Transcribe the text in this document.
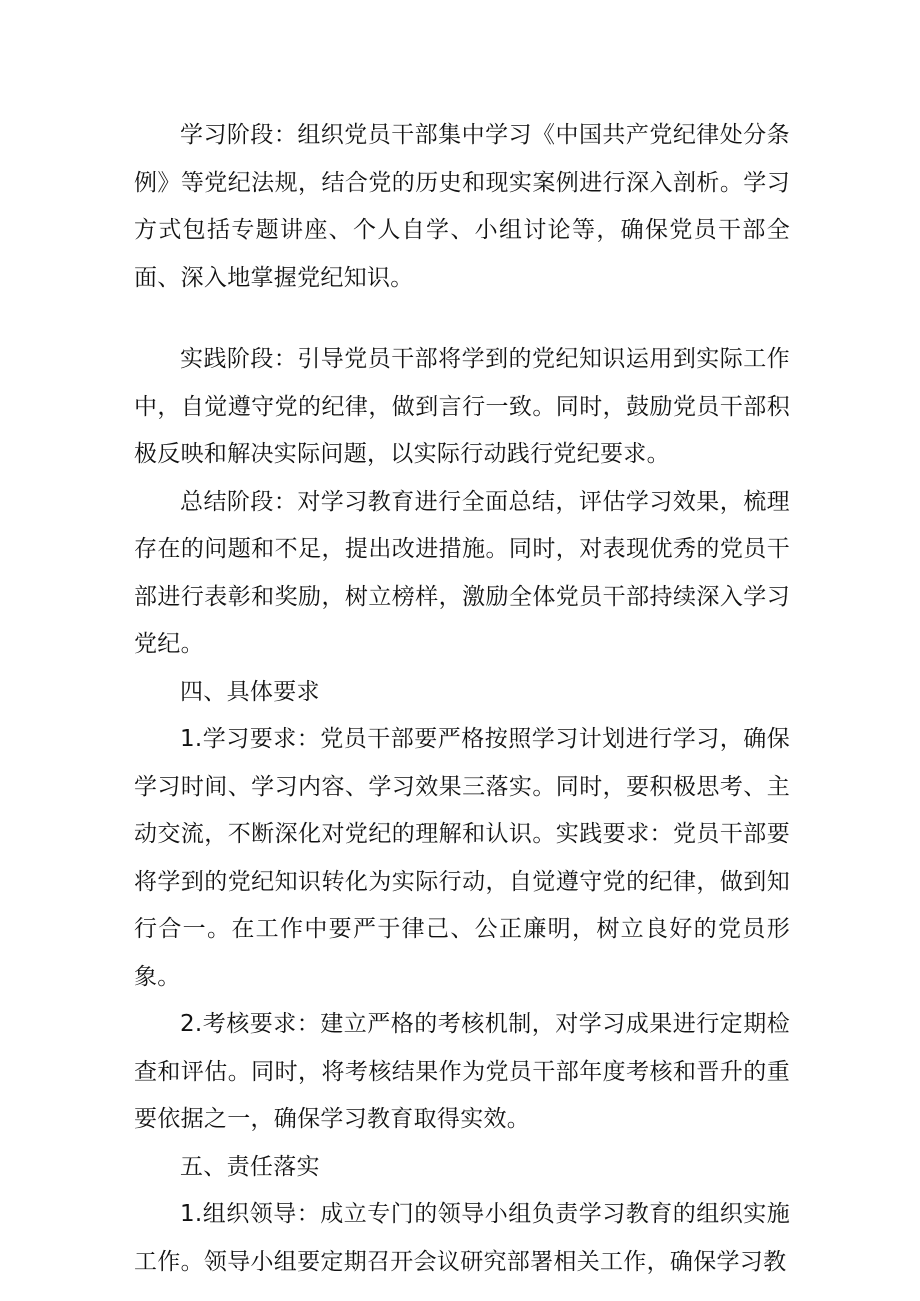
学习阶段：组织党员干部集中学习《中国共产党纪律处分条例》等党纪法规，结合党的历史和现实案例进行深入剖析。学习方式包括专题讲座、个人自学、小组讨论等，确保党员干部全面、深入地掌握党纪知识。

实践阶段：引导党员干部将学到的党纪知识运用到实际工作中，自觉遵守党的纪律，做到言行一致。同时，鼓励党员干部积极反映和解决实际问题，以实际行动践行党纪要求。

总结阶段：对学习教育进行全面总结，评估学习效果，梳理存在的问题和不足，提出改进措施。同时，对表现优秀的党员干部进行表彰和奖励，树立榜样，激励全体党员干部持续深入学习党纪。

四、具体要求

1.学习要求：党员干部要严格按照学习计划进行学习，确保学习时间、学习内容、学习效果三落实。同时，要积极思考、主动交流，不断深化对党纪的理解和认识。实践要求：党员干部要将学到的党纪知识转化为实际行动，自觉遵守党的纪律，做到知行合一。在工作中要严于律己、公正廉明，树立良好的党员形象。

2.考核要求：建立严格的考核机制，对学习成果进行定期检查和评估。同时，将考核结果作为党员干部年度考核和晋升的重要依据之一，确保学习教育取得实效。

五、责任落实

1.组织领导：成立专门的领导小组负责学习教育的组织实施工作。领导小组要定期召开会议研究部署相关工作，确保学习教
